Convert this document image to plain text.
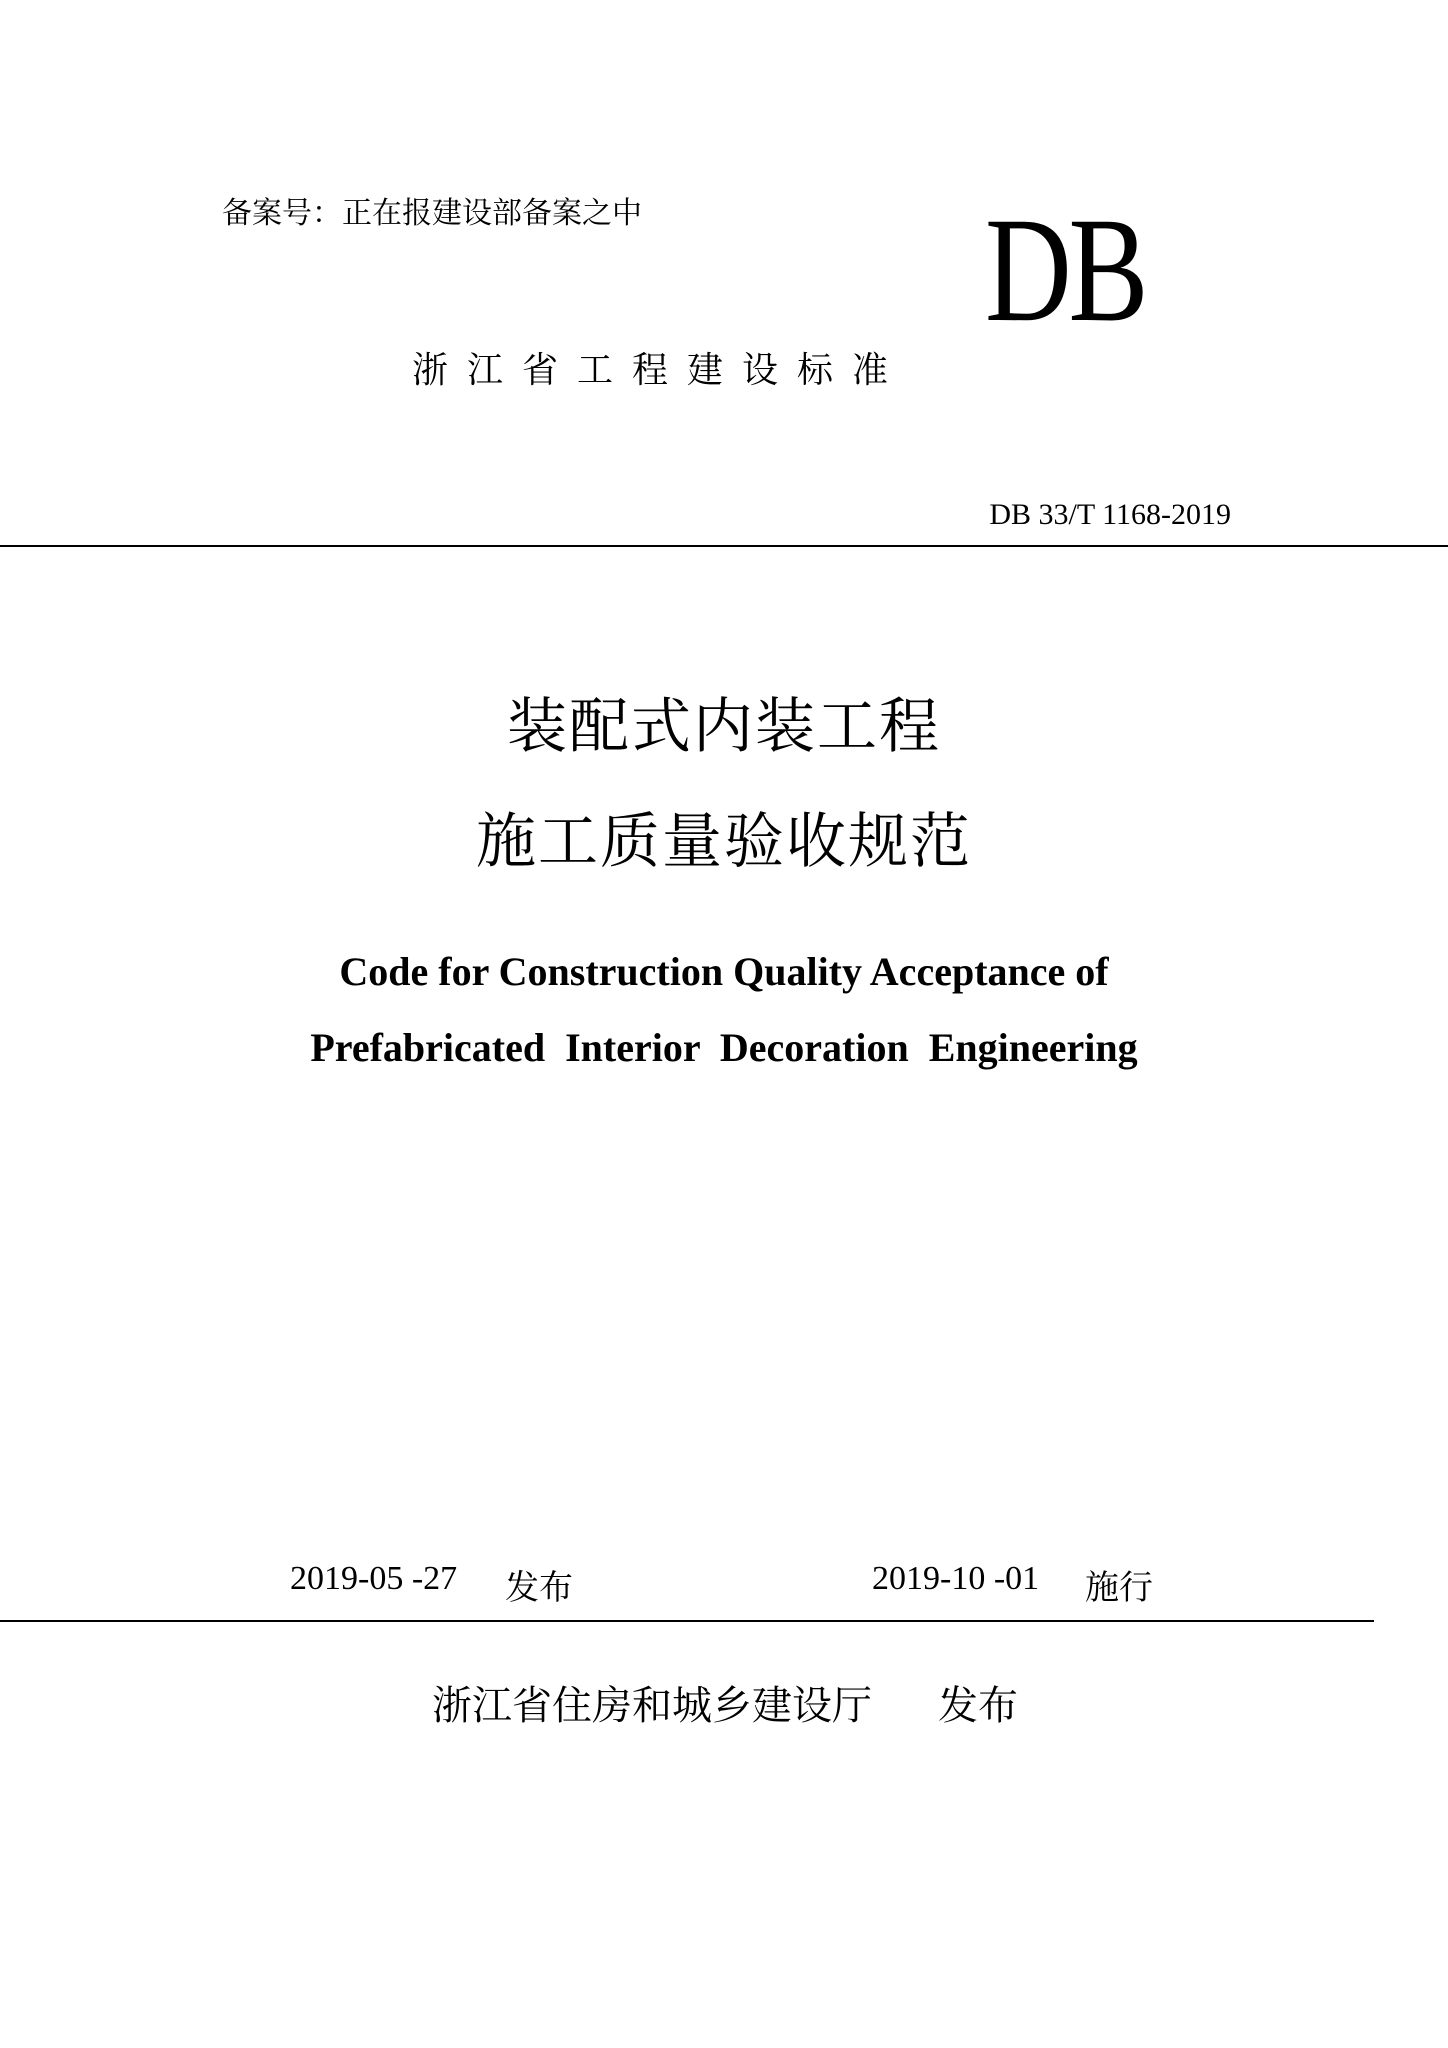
备案号：正在报建设部备案之中 DB
浙江省工程建设标准
DB 33/T 1168-2019
装配式内装工程
施工质量验收规范
Code for Construction Quality Acceptance of
Prefabricated Interior Decoration Engineering
2019-05 -27 发布	2019-10 -01 施行
浙江省住房和城乡建设厅 发布
